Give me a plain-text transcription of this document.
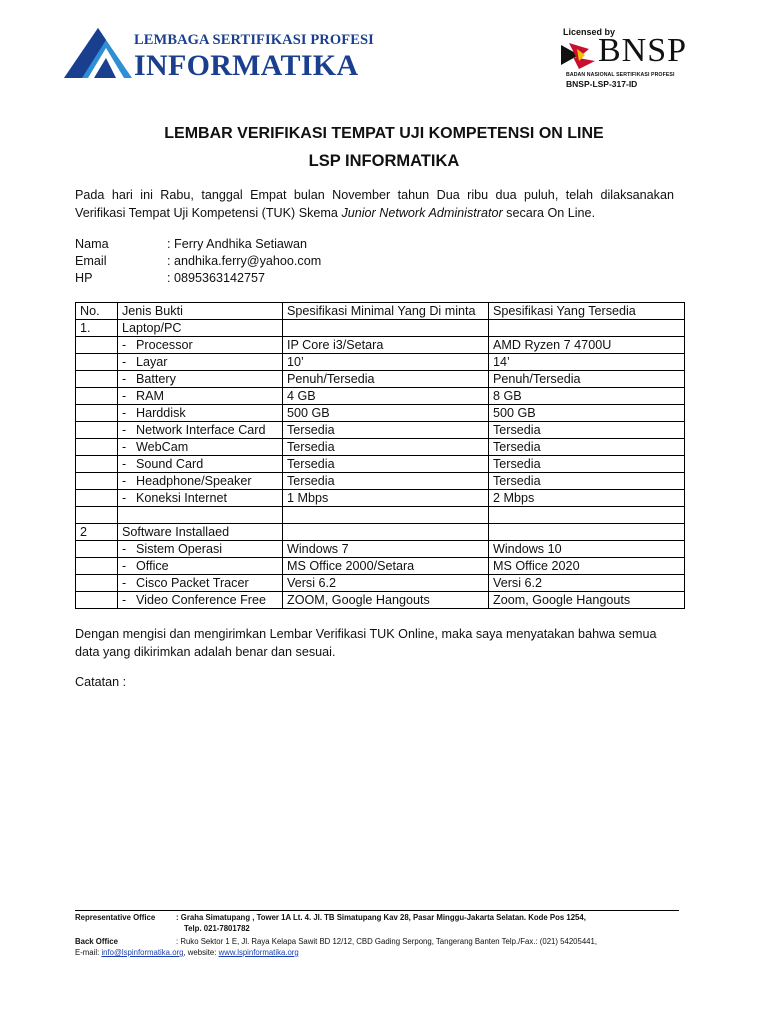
LEMBAGA SERTIFIKASI PROFESI
INFORMATIKA
Licensed by
BNSP
BADAN NASIONAL SERTIFIKASI PROFESI
BNSP-LSP-317-ID
LEMBAR VERIFIKASI TEMPAT UJI KOMPETENSI ON LINE
LSP INFORMATIKA
Pada hari ini Rabu, tanggal Empat bulan November tahun Dua ribu dua puluh, telah dilaksanakan
Verifikasi Tempat Uji Kompetensi (TUK) Skema Junior Network Administrator secara On Line.
Nama	: Ferry Andhika Setiawan
Email	: andhika.ferry@yahoo.com
HP	: 0895363142757
No.	Jenis Bukti	Spesifikasi Minimal Yang Di minta	Spesifikasi Yang Tersedia
1.	Laptop/PC		
	- Processor	IP Core i3/Setara	AMD Ryzen 7 4700U
	- Layar	10’	14’
	- Battery	Penuh/Tersedia	Penuh/Tersedia
	- RAM	4 GB	8 GB
	- Harddisk	500 GB	500 GB
	- Network Interface Card	Tersedia	Tersedia
	- WebCam	Tersedia	Tersedia
	- Sound Card	Tersedia	Tersedia
	- Headphone/Speaker	Tersedia	Tersedia
	- Koneksi Internet	1 Mbps	2 Mbps

2	Software Installaed		
	- Sistem Operasi	Windows 7	Windows 10
	- Office	MS Office 2000/Setara	MS Office 2020
	- Cisco Packet Tracer	Versi 6.2	Versi 6.2
	- Video Conference Free	ZOOM, Google Hangouts	Zoom, Google Hangouts
Dengan mengisi dan mengirimkan Lembar Verifikasi TUK Online, maka saya menyatakan bahwa semua
data yang dikirimkan adalah benar dan sesuai.
Catatan :
Representative Office	: Graha Simatupang , Tower 1A Lt. 4. Jl. TB Simatupang Kav 28, Pasar Minggu-Jakarta Selatan. Kode Pos 1254,
Telp. 021-7801782
Back Office	: Ruko Sektor 1 E, Jl. Raya Kelapa Sawit BD 12/12, CBD Gading Serpong, Tangerang Banten Telp./Fax.: (021) 54205441,
E-mail: info@lspinformatika.org, website: www.lspinformatika.org
